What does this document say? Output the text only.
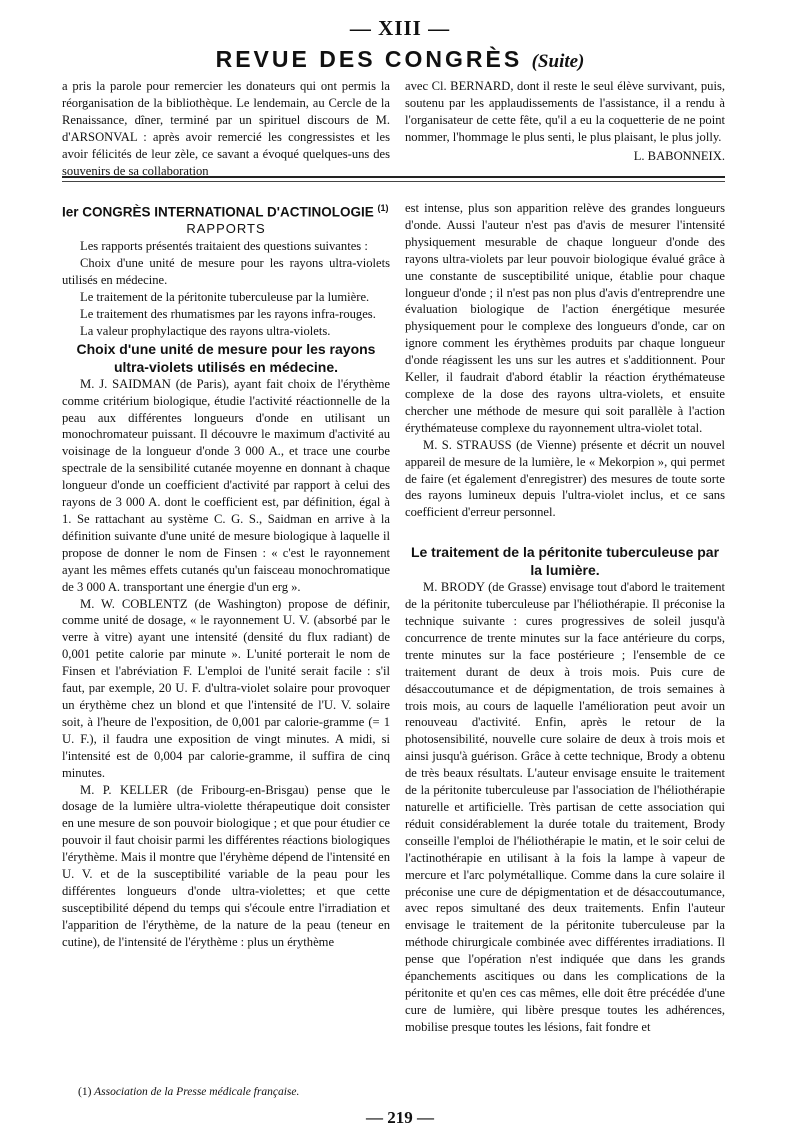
— XIII —
REVUE DES CONGRÈS (Suite)

a pris la parole pour remercier les donateurs qui ont permis la réorganisation de la bibliothèque. Le lendemain, au Cercle de la Renaissance, dîner, terminé par un spirituel discours de M. d'ARSONVAL : après avoir remercié les congressistes et les avoir félicités de leur zèle, ce savant a évoqué quelques-uns des souvenirs de sa collaboration

avec Cl. BERNARD, dont il reste le seul élève survivant, puis, soutenu par les applaudissements de l'assistance, il a rendu à l'organisateur de cette fête, qu'il a eu la coquetterie de ne point nommer, l'hommage le plus senti, le plus plaisant, le plus jolly.

L. BABONNEIX.

Ier CONGRÈS INTERNATIONAL D'ACTINOLOGIE $^{(1)}$

RAPPORTS

Les rapports présentés traitaient des questions suivantes :

Choix d'une unité de mesure pour les rayons ultra-violets utilisés en médecine.

Le traitement de la péritonite tuberculeuse par la lumière.

Le traitement des rhumatismes par les rayons infra-rouges.

La valeur prophylactique des rayons ultra-violets.

Choix d'une unité de mesure pour les rayons ultra-violets utilisés en médecine.

M. J. SAIDMAN (de Paris), ayant fait choix de l'érythème comme critérium biologique, étudie l'activité réactionnelle de la peau aux différentes longueurs d'onde en utilisant un monochromateur puissant. Il découvre le maximum d'activité au voisinage de la longueur d'onde 3 000 A., et trace une courbe spectrale de la sensibilité cutanée moyenne en donnant à chaque longueur d'onde un coefficient d'activité par rapport à celui des rayons de 3 000 A. dont le coefficient est, par définition, égal à 1. Se rattachant au système C. G. S., Saidman en arrive à la définition suivante d'une unité de mesure biologique à laquelle il propose de donner le nom de Finsen : « c'est le rayonnement ayant les mêmes effets cutanés qu'un faisceau monochromatique de 3 000 A. transportant une énergie d'un erg ».

M. W. COBLENTZ (de Washington) propose de définir, comme unité de dosage, « le rayonnement U. V. (absorbé par le verre à vitre) ayant une intensité (densité du flux radiant) de 0,001 petite calorie par minute ». L'unité porterait le nom de Finsen et l'abréviation F. L'emploi de l'unité serait facile : s'il faut, par exemple, 20 U. F. d'ultra-violet solaire pour provoquer un érythème chez un blond et que l'intensité de l'U. V. solaire soit, à l'heure de l'exposition, de 0,001 par calorie-gramme (= 1 U. F.), il faudra une exposition de vingt minutes. A midi, si l'intensité est de 0,004 par calorie-gramme, il suffira de cinq minutes.

M. P. KELLER (de Fribourg-en-Brisgau) pense que le dosage de la lumière ultra-violette thérapeutique doit consister en une mesure de son pouvoir biologique ; et que pour étudier ce pouvoir il faut choisir parmi les différentes réactions biologiques l'érythème. Mais il montre que l'éryhème dépend de l'intensité en U. V. et de la susceptibilité variable de la peau pour les différentes longueurs d'onde ultra-violettes; et que cette susceptibilité dépend du temps qui s'écoule entre l'irradiation et l'apparition de l'érythème, de la nature de la peau (teneur en cutine), de l'intensité de l'érythème : plus un érythème

est intense, plus son apparition relève des grandes longueurs d'onde. Aussi l'auteur n'est pas d'avis de mesurer l'intensité physiquement mesurable de chaque longueur d'onde des rayons ultra-violets par leur pouvoir biologique évalué grâce à une constante de susceptibilité unique, établie pour chaque longueur d'onde ; il n'est pas non plus d'avis d'entreprendre une évaluation biologique de l'action énergétique mesurée physiquement pour le complexe des longueurs d'onde, car on ignore comment les érythèmes produits par chaque longueur d'onde réagissent les uns sur les autres et s'additionnent. Pour Keller, il faudrait d'abord établir la réaction érythémateuse complexe de la dose des rayons ultra-violets, et ensuite chercher une méthode de mesure qui soit parallèle à l'action érythémateuse complexe du rayonnement ultra-violet total.

M. S. STRAUSS (de Vienne) présente et décrit un nouvel appareil de mesure de la lumière, le « Mekorpion », qui permet de faire (et également d'enregistrer) des mesures de toute sorte des rayons lumineux depuis l'ultra-violet inclus, et ce sans coefficient d'erreur personnel.

Le traitement de la péritonite tuberculeuse par la lumière.

M. BRODY (de Grasse) envisage tout d'abord le traitement de la péritonite tuberculeuse par l'héliothérapie. Il préconise la technique suivante : cures progressives de soleil jusqu'à concurrence de trente minutes sur la face antérieure du corps, trente minutes sur la face postérieure ; l'ensemble de ce traitement durant de deux à trois mois. Puis cure de désaccoutumance et de dépigmentation, de trois semaines à trois mois, au cours de laquelle l'amélioration peut avoir un renouveau d'activité. Enfin, après le retour de la photosensibilité, nouvelle cure solaire de deux à trois mois et ainsi jusqu'à guérison. Grâce à cette technique, Brody a obtenu de très beaux résultats. L'auteur envisage ensuite le traitement de la péritonite tuberculeuse par l'association de l'héliothérapie naturelle et artificielle. Très partisan de cette association qui réduit considérablement la durée totale du traitement, Brody conseille l'emploi de l'héliothérapie le matin, et le soir celui de l'actinothérapie en utilisant à la fois la lampe à vapeur de mercure et l'arc polymétallique. Comme dans la cure solaire il préconise une cure de dépigmentation et de désaccoutumance, avec repos simultané des deux traitements. Enfin l'auteur envisage le traitement de la péritonite tuberculeuse par la méthode chirurgicale combinée avec différentes irradiations. Il pense que l'opération n'est indiquée que dans les grands épanchements ascitiques ou dans les complications de la péritonite et qu'en ces cas mêmes, elle doit être précédée d'une cure de lumière, qui libère presque toutes les adhérences, mobilise presque toutes les lésions, fait fondre et

(1) Association de la Presse médicale française.
— 219 —
